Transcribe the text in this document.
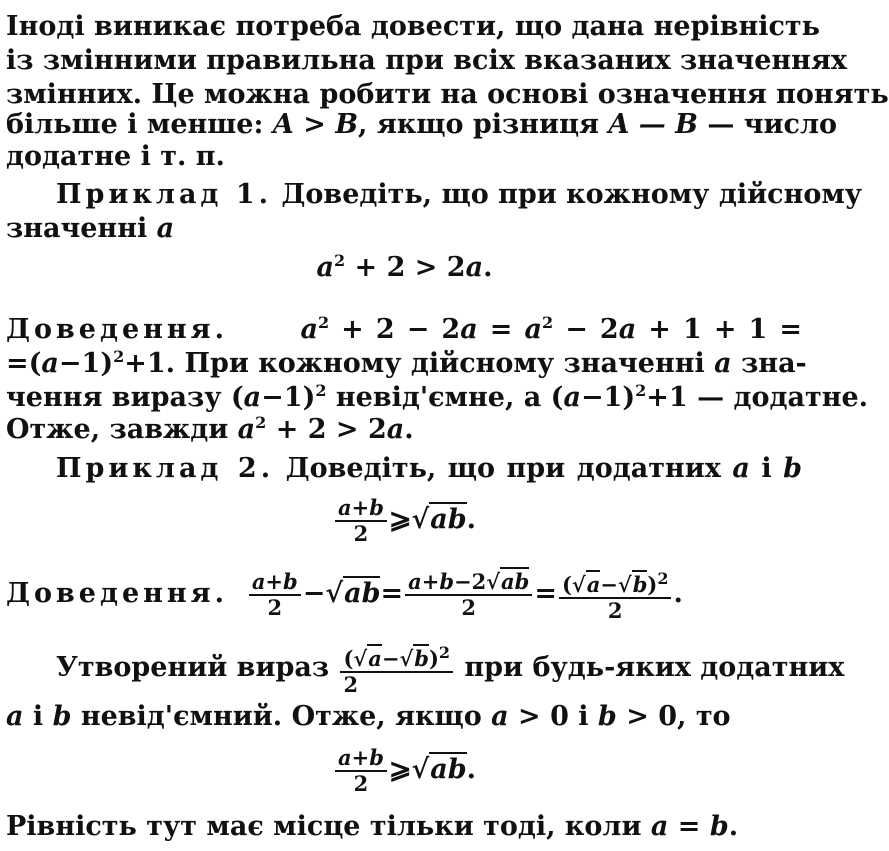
Іноді виникає потреба довести, що дана нерівність
із змінними правильна при всіх вказаних значеннях
змінних. Це можна робити на основі означення понять
більше і менше: A > B, якщо різниця A — B — число
додатне і т. п.
Приклад 1. Доведіть, що при кожному дійсному
значенні a
$a^2 + 2 > 2a$.
Доведення.	$a^2 + 2 - 2a = a^2 - 2a + 1 + 1$ =
$=(a-1)^2+1$. При кожному дійсному значенні a зна-
чення виразу $(a-1)^2$ невід'ємне, а $(a-1)^2+1$ — додатне.
Отже, завжди $a^2 + 2 > 2a$.
Приклад 2. Доведіть, що при додатних a і b
$\frac{a+b}{2}$ ⩾√ab.
Доведення. $\frac{a+b}{2} -√ab= \frac{a+b-2√ab}{2} = \frac{(√a-√b)^2}{2}$ .
Утворений вираз $\frac{(√a-√b)^2}{2}$ при будь-яких додатних
a і b невід'ємний. Отже, якщо a > 0 і b > 0, то
$\frac{a+b}{2}$ ⩾√ab.
Рівність тут має місце тільки тоді, коли a = b.
